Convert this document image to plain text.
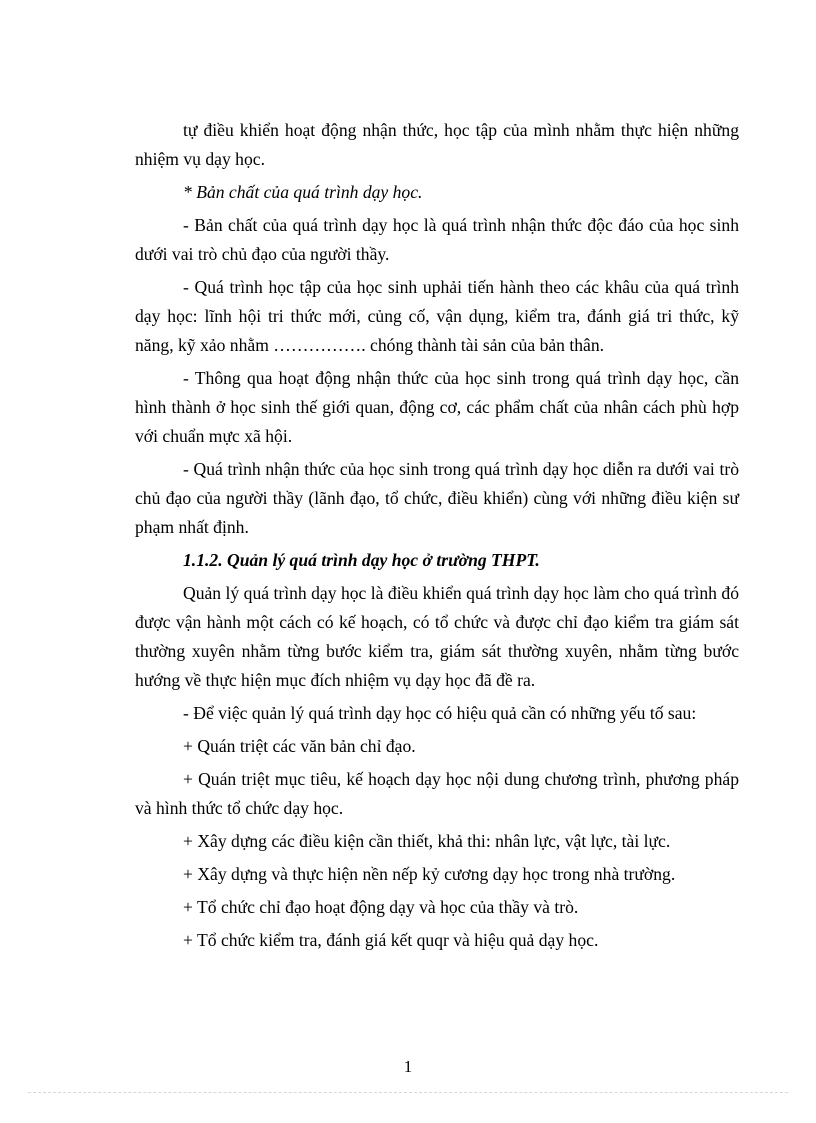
tự điều khiển hoạt động nhận thức, học tập của mình nhằm thực hiện những nhiệm vụ dạy học.

* Bản chất của quá trình dạy học.

- Bản chất của quá trình dạy học là quá trình nhận thức độc đáo của học sinh dưới vai trò chủ đạo của người thầy.

- Quá trình học tập của học sinh uphải tiến hành theo các khâu của quá trình dạy học: lĩnh hội tri thức mới, củng cố, vận dụng, kiểm tra, đánh giá tri thức, kỹ năng, kỹ xảo nhằm ……………. chóng thành tài sản của bản thân.

- Thông qua hoạt động nhận thức của học sinh trong quá trình dạy học, cần hình thành ở học sinh thế giới quan, động cơ, các phẩm chất của nhân cách phù hợp với chuẩn mực xã hội.

- Quá trình nhận thức của học sinh trong quá trình dạy học diễn ra dưới vai trò chủ đạo của người thầy (lãnh đạo, tổ chức, điều khiển) cùng với những điều kiện sư phạm nhất định.

1.1.2. Quản lý quá trình dạy học ở trường THPT.

Quản lý quá trình dạy học là điều khiển quá trình dạy học làm cho quá trình đó được vận hành một cách có kế hoạch, có tổ chức và được chỉ đạo kiểm tra giám sát thường xuyên nhằm từng bước kiểm tra, giám sát thường xuyên, nhằm từng bước hướng về thực hiện mục đích nhiệm vụ dạy học đã đề ra.

- Để việc quản lý quá trình dạy học có hiệu quả cần có những yếu tố sau:

+ Quán triệt các văn bản chỉ đạo.

+ Quán triệt mục tiêu, kế hoạch dạy học nội dung chương trình, phương pháp và hình thức tổ chức dạy học.

+ Xây dựng các điều kiện cần thiết, khả thi: nhân lực, vật lực, tài lực.

+ Xây dựng và thực hiện nền nếp kỷ cương dạy học trong nhà trường.

+ Tổ chức chỉ đạo hoạt động dạy và học của thầy và trò.

+ Tổ chức kiểm tra, đánh giá kết quqr và hiệu quả dạy học.

1
